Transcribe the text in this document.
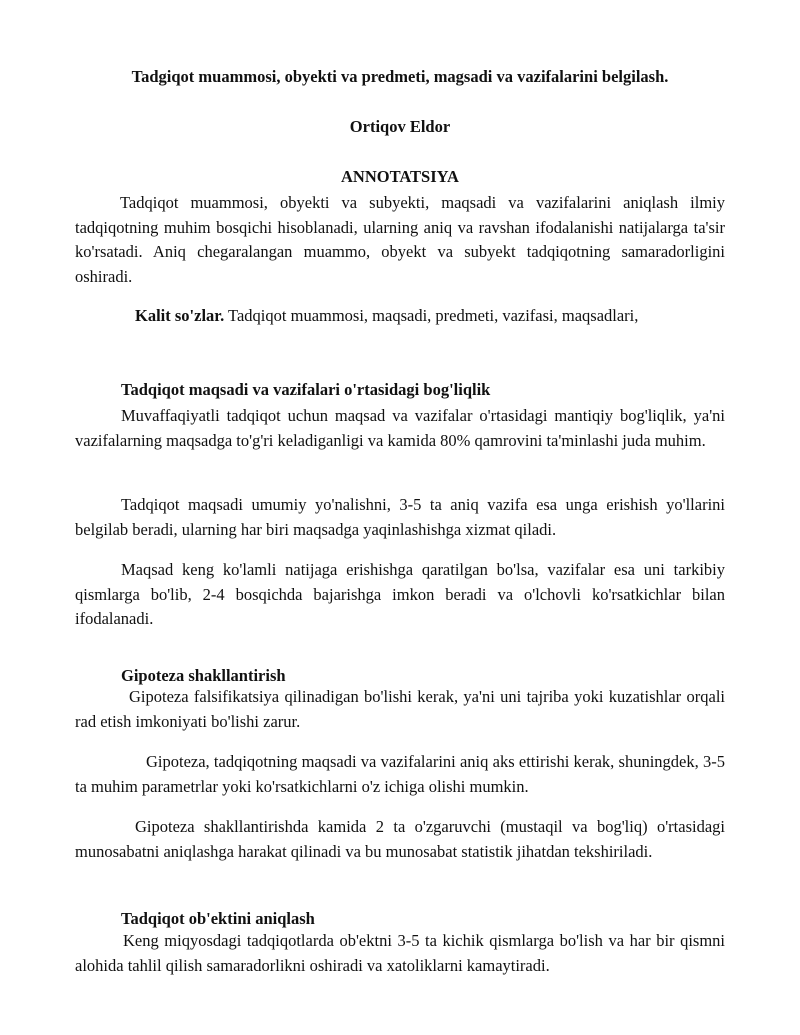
Tadgiqot muammosi, obyekti va predmeti, magsadi va vazifalarini belgilash.

Ortiqov Eldor

ANNOTATSIYA

Tadqiqot muammosi, obyekti va subyekti, maqsadi va vazifalarini aniqlash ilmiy tadqiqotning muhim bosqichi hisoblanadi, ularning aniq va ravshan ifodalanishi natijalarga ta'sir ko'rsatadi. Aniq chegaralangan muammo, obyekt va subyekt tadqiqotning samaradorligini oshiradi.

Kalit so'zlar. Tadqiqot muammosi, maqsadi, predmeti, vazifasi, maqsadlari,

Tadqiqot maqsadi va vazifalari o'rtasidagi bog'liqlik

Muvaffaqiyatli tadqiqot uchun maqsad va vazifalar o'rtasidagi mantiqiy bog'liqlik, ya'ni vazifalarning maqsadga to'g'ri keladiganligi va kamida 80% qamrovini ta'minlashi juda muhim.

Tadqiqot maqsadi umumiy yo'nalishni, 3-5 ta aniq vazifa esa unga erishish yo'llarini belgilab beradi, ularning har biri maqsadga yaqinlashishga xizmat qiladi.

Maqsad keng ko'lamli natijaga erishishga qaratilgan bo'lsa, vazifalar esa uni tarkibiy qismlarga bo'lib, 2-4 bosqichda bajarishga imkon beradi va o'lchovli ko'rsatkichlar bilan ifodalanadi.

Gipoteza shakllantirish

Gipoteza falsifikatsiya qilinadigan bo'lishi kerak, ya'ni uni tajriba yoki kuzatishlar orqali rad etish imkoniyati bo'lishi zarur.

Gipoteza, tadqiqotning maqsadi va vazifalarini aniq aks ettirishi kerak, shuningdek, 3-5 ta muhim parametrlar yoki ko'rsatkichlarni o'z ichiga olishi mumkin.

Gipoteza shakllantirishda kamida 2 ta o'zgaruvchi (mustaqil va bog'liq) o'rtasidagi munosabatni aniqlashga harakat qilinadi va bu munosabat statistik jihatdan tekshiriladi.

Tadqiqot ob'ektini aniqlash

Keng miqyosdagi tadqiqotlarda ob'ektni 3-5 ta kichik qismlarga bo'lish va har bir qismni alohida tahlil qilish samaradorlikni oshiradi va xatoliklarni kamaytiradi.
